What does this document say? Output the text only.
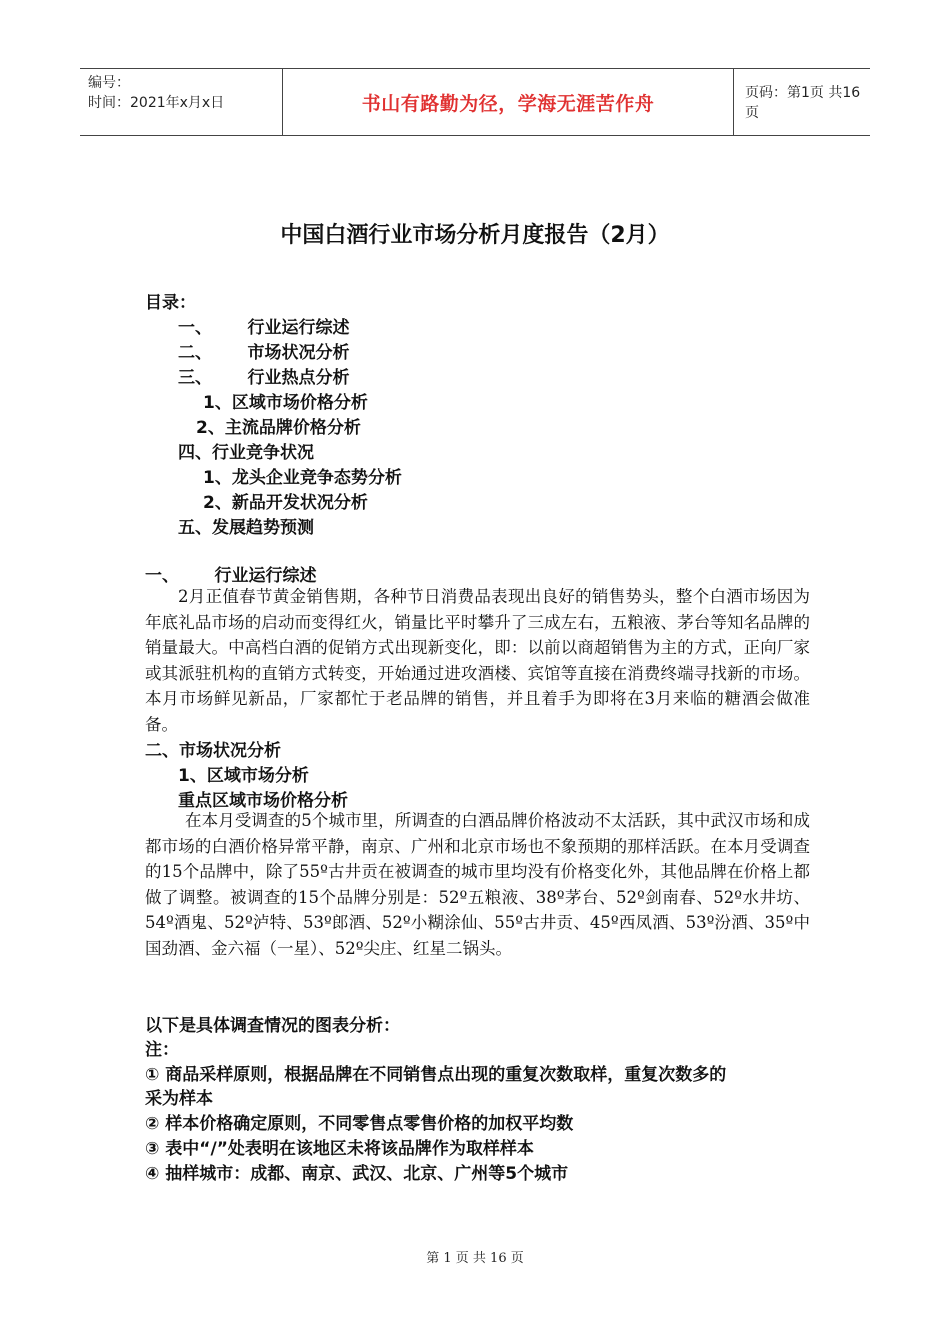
编号：
时间：2021年x月x日	书山有路勤为径，学海无涯苦作舟	页码：第1页 共16页
中国白酒行业市场分析月度报告（2月）
目录：
一、      行业运行综述
二、      市场状况分析
三、      行业热点分析
1、区域市场价格分析
2、主流品牌价格分析
四、行业竞争状况
1、龙头企业竞争态势分析
2、新品开发状况分析
五、发展趋势预测
一、      行业运行综述
2月正值春节黄金销售期，各种节日消费品表现出良好的销售势头，整个白酒市场因为年底礼品市场的启动而变得红火，销量比平时攀升了三成左右，五粮液、茅台等知名品牌的销量最大。中高档白酒的促销方式出现新变化，即：以前以商超销售为主的方式，正向厂家或其派驻机构的直销方式转变，开始通过进攻酒楼、宾馆等直接在消费终端寻找新的市场。本月市场鲜见新品，厂家都忙于老品牌的销售，并且着手为即将在3月来临的糖酒会做准备。
二、市场状况分析
1、区域市场分析
重点区域市场价格分析
在本月受调查的5个城市里，所调查的白酒品牌价格波动不太活跃，其中武汉市场和成都市场的白酒价格异常平静，南京、广州和北京市场也不象预期的那样活跃。在本月受调查的15个品牌中，除了55º古井贡在被调查的城市里均没有价格变化外，其他品牌在价格上都做了调整。被调查的15个品牌分别是：52º五粮液、38º茅台、52º剑南春、52º水井坊、54º酒鬼、52º泸特、53º郎酒、52º小糊涂仙、55º古井贡、45º西凤酒、53º汾酒、35º中国劲酒、金六福（一星）、52º尖庄、红星二锅头。
以下是具体调查情况的图表分析：
注：
① 商品采样原则，根据品牌在不同销售点出现的重复次数取样，重复次数多的
采为样本
② 样本价格确定原则，不同零售点零售价格的加权平均数
③ 表中“/”处表明在该地区未将该品牌作为取样样本
④ 抽样城市：成都、南京、武汉、北京、广州等5个城市
第 1 页 共 16 页
